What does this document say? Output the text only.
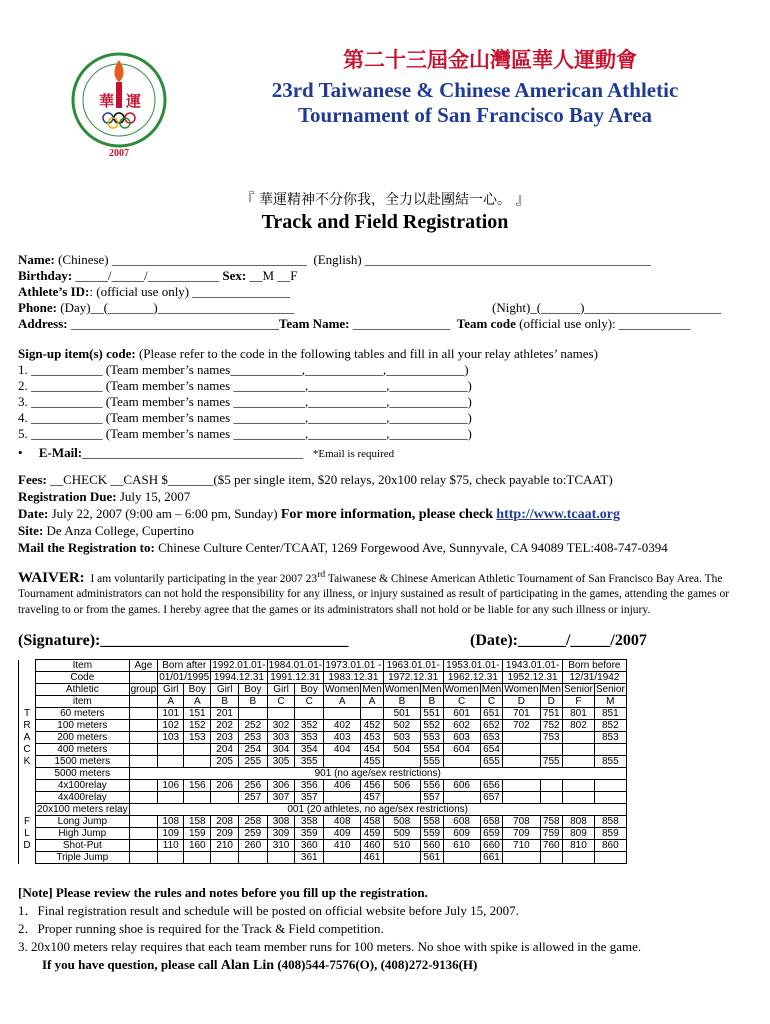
華 運
2007
第二十三屆金山灣區華人運動會
23rd Taiwanese & Chinese American Athletic
Tournament of San Francisco Bay Area
『 華運精神不分你我，全力以赴團結一心。 』
Track and Field Registration
Name: (Chinese) ______________________________ (English) ____________________________________________
Birthday: _____/_____/___________ Sex: __M __F
Athlete’s ID:: (official use only) _______________
Phone: (Day)__(_______)_____________________	(Night)_(______)_____________________
Address: ________________________________Team Name: _______________ Team code (official use only): ___________
Sign-up item(s) code: (Please refer to the code in the following tables and fill in all your relay athletes’ names)
1. ___________ (Team member’s names___________,____________,____________)
2. ___________ (Team member’s names ___________,____________,____________)
3. ___________ (Team member’s names ___________,____________,____________)
4. ___________ (Team member’s names ___________,____________,____________)
5. ___________ (Team member’s names ___________,____________,____________)
• E-Mail:__________________________________ *Email is required
Fees: __CHECK __CASH $_______($5 per single item, $20 relays, 20x100 relay $75, check payable to:TCAAT)
Registration Due: July 15, 2007
Date: July 22, 2007 (9:00 am – 6:00 pm, Sunday) For more information, please check http://www.tcaat.org
Site: De Anza College, Cupertino
Mail the Registration to: Chinese Culture Center/TCAAT, 1269 Forgewood Ave, Sunnyvale, CA 94089 TEL:408-747-0394
WAIVER: I am voluntarily participating in the year 2007 23rd Taiwanese & Chinese American Athletic Tournament of San Francisco Bay Area. The Tournament administrators can not hold the responsibility for any illness, or injury sustained as result of participating in the games, attending the games or traveling to or from the games. I hereby agree that the games or its administrators shall not hold or be liable for any such illness or injury.
(Signature):_______________________________	(Date):______/_____/2007
	Item	Age	Born after		1992.01.01-		1984.01.01-		1973.01.01 -		1963.01.01-		1953.01.01-		1943.01.01-		Born before	
	Code		01/01/1995		1994.12.31		1991.12.31		1983.12.31		1972.12.31		1962.12.31		1952.12.31		12/31/1942	
	Athletic	group	Girl	Boy	Girl	Boy	Girl	Boy	Women	Men	Women	Men	Women	Men	Women	Men	Senior	Senior
	item		A	A	B	B	C	C	A	A	B	B	C	C	D	D	F	M
T	60 meters		101	151	201						501	551	601	651	701	751	801	851
R	100 meters		102	152	202	252	302	352	402	452	502	552	602	652	702	752	802	852
A	200 meters		103	153	203	253	303	353	403	453	503	553	603	653		753		853
C	400 meters				204	254	304	354	404	454	504	554	604	654				
K	1500 meters				205	255	305	355		455		555		655		755		855
	5000 meters	901 (no age/sex restrictions)																
	4x100relay		106	156	206	256	306	356	406	456	506	556	606	656				
	4x400relay					257	307	357		457		557		657				
	20x100 meters relay	001 (20 athletes, no age/sex restrictions)																
F	Long Jump		108	158	208	258	308	358	408	458	508	558	608	658	708	758	808	858
L	High Jump		109	159	209	259	309	359	409	459	509	559	609	659	709	759	809	859
D	Shot-Put		110	160	210	260	310	360	410	460	510	560	610	660	710	760	810	860
	Triple Jump							361		461		561		661				
[Note] Please review the rules and notes before you fill up the registration.
1．Final registration result and schedule will be posted on official website before July 15, 2007.
2．Proper running shoe is required for the Track & Field competition.
3. 20x100 meters relay requires that each team member runs for 100 meters. No shoe with spike is allowed in the game.
If you have question, please call Alan Lin (408)544-7576(O), (408)272-9136(H)
